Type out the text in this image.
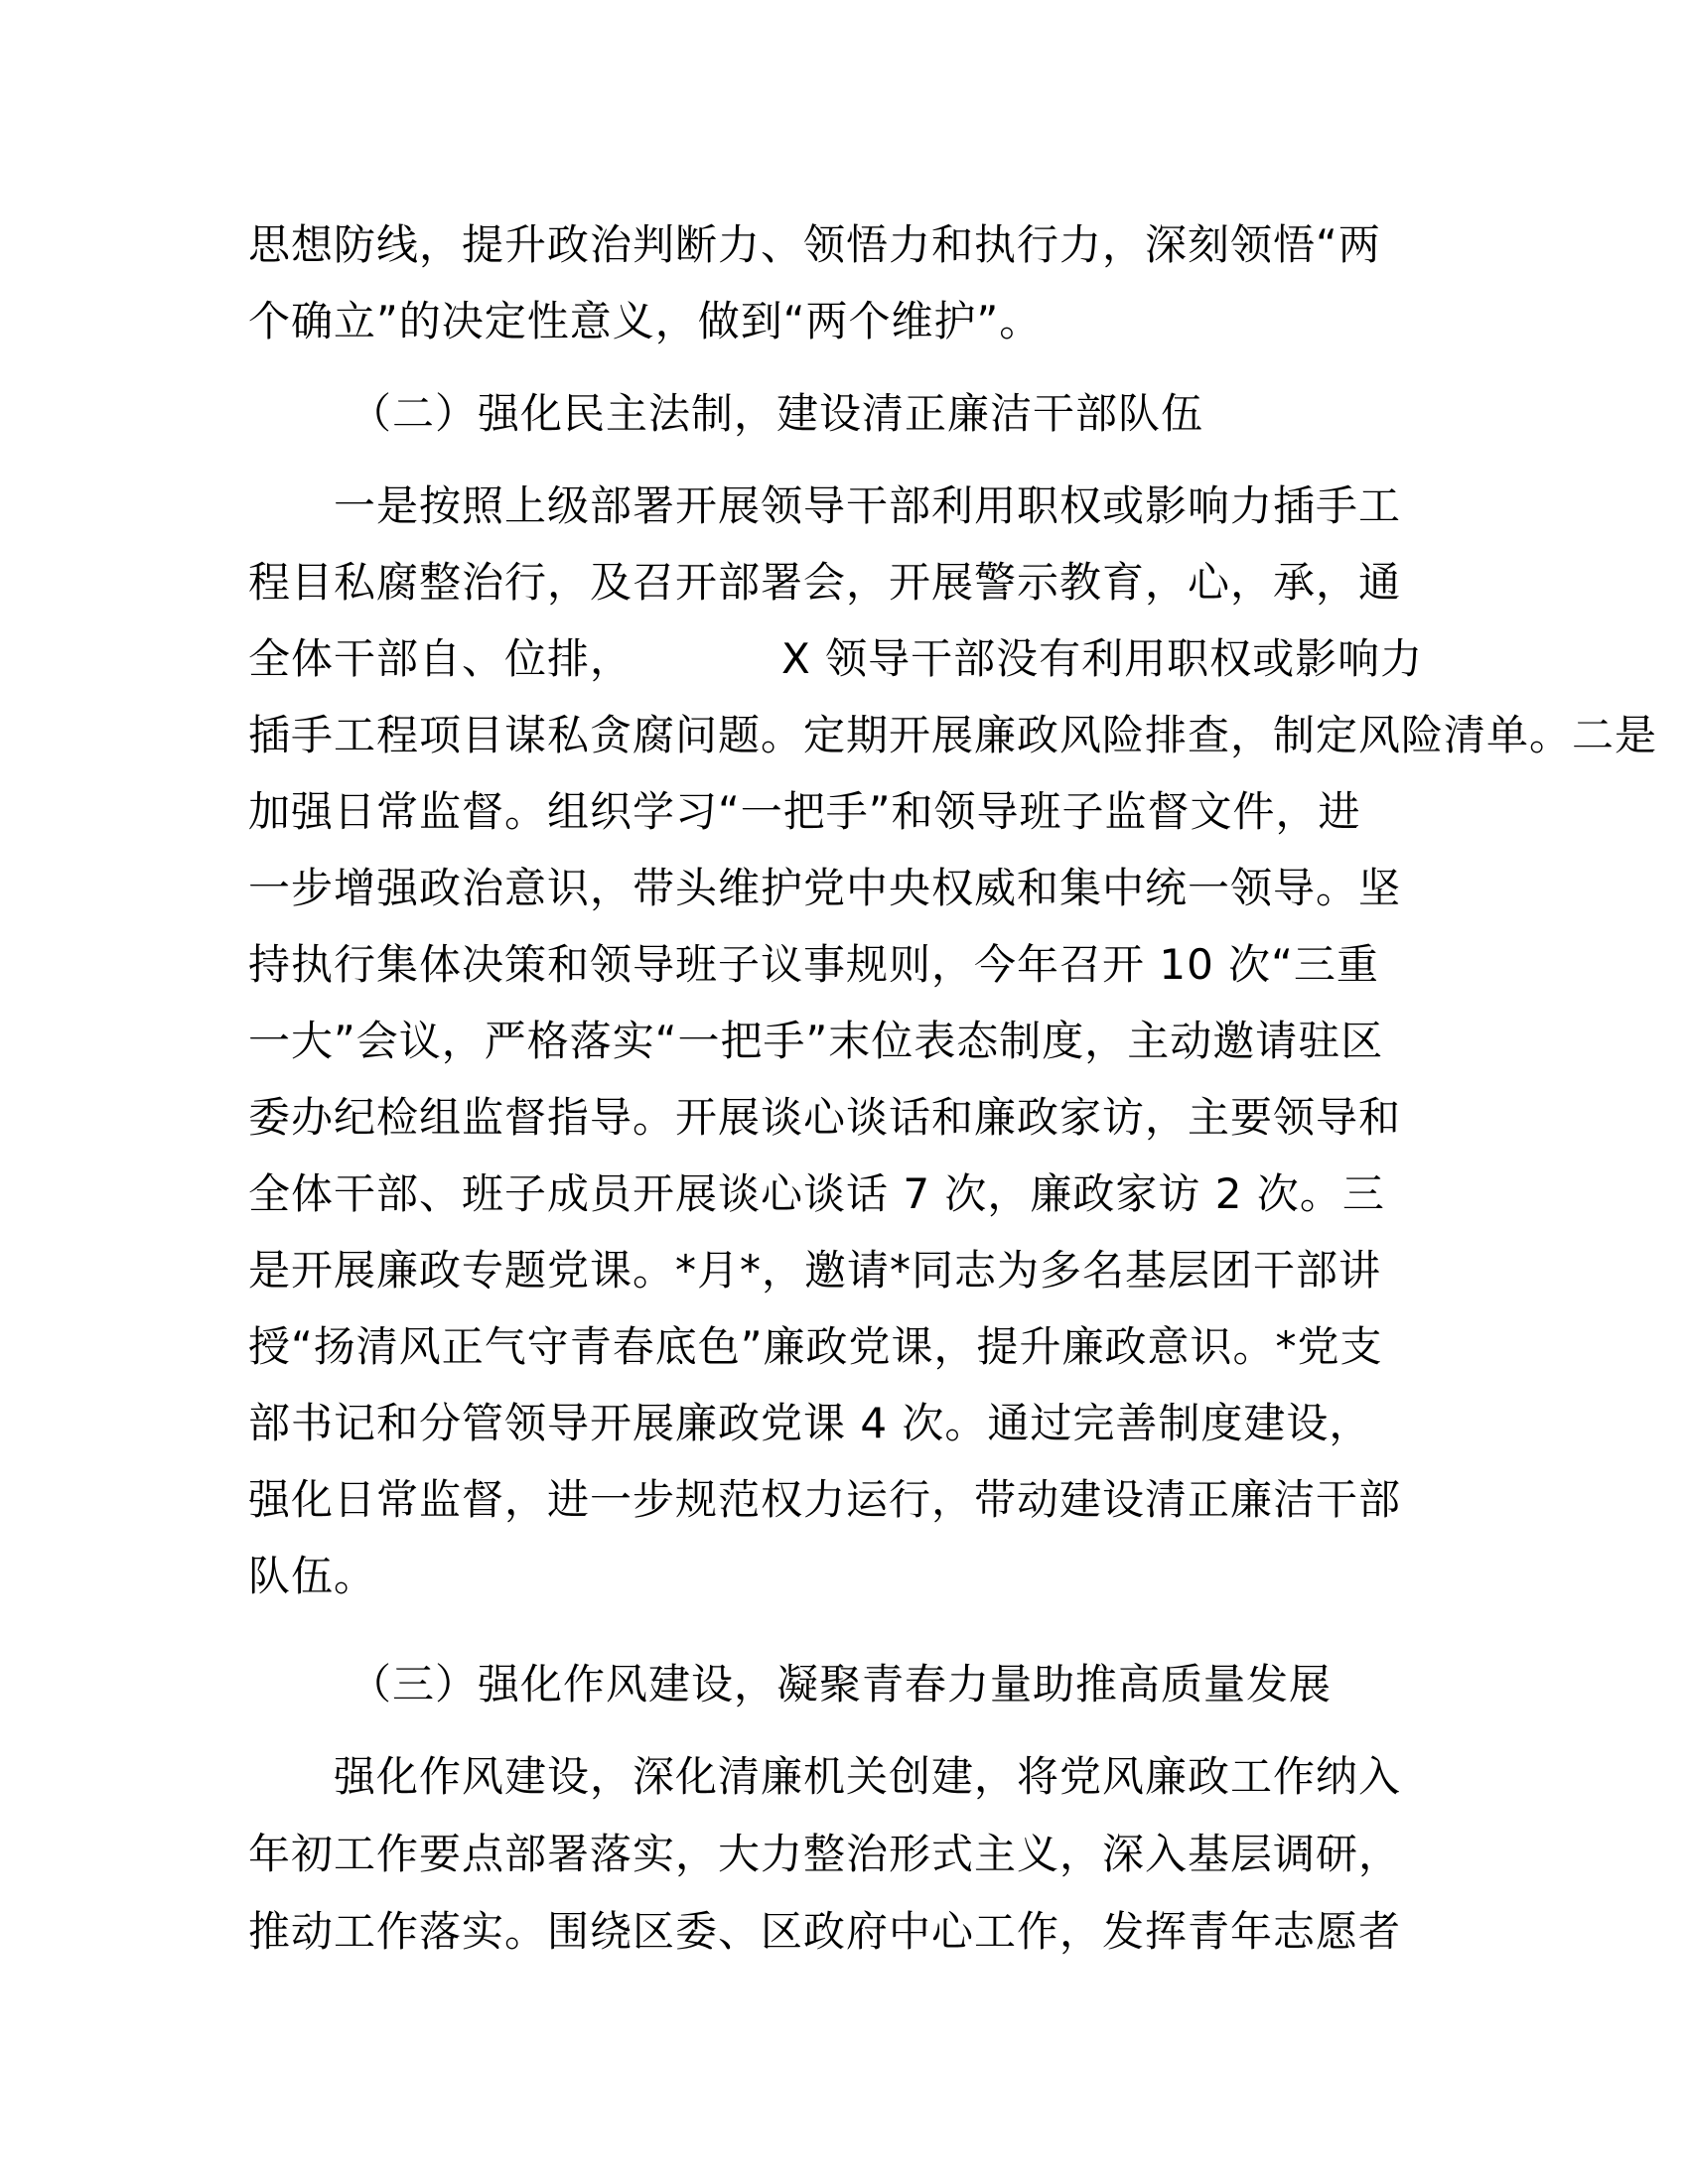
思想防线，提升政治判断力、领悟力和执行力，深刻领悟“两
个确立”的决定性意义，做到“两个维护”。
（二）强化民主法制，建设清正廉洁干部队伍
一是按照上级部署开展领导干部利用职权或影响力插手工
程目私腐整治行，及召开部署会，开展警示教育，心，承，通
全体干部自、位排，	X 领导干部没有利用职权或影响力
插手工程项目谋私贪腐问题。定期开展廉政风险排查，制定风险清单。二是
加强日常监督。组织学习“一把手”和领导班子监督文件，进
一步增强政治意识，带头维护党中央权威和集中统一领导。坚
持执行集体决策和领导班子议事规则，今年召开 10 次“三重
一大”会议，严格落实“一把手”末位表态制度，主动邀请驻区
委办纪检组监督指导。开展谈心谈话和廉政家访，主要领导和
全体干部、班子成员开展谈心谈话 7 次，廉政家访 2 次。三
是开展廉政专题党课。*月*，邀请*同志为多名基层团干部讲
授“扬清风正气守青春底色”廉政党课，提升廉政意识。*党支
部书记和分管领导开展廉政党课 4 次。通过完善制度建设，
强化日常监督，进一步规范权力运行，带动建设清正廉洁干部
队伍。
（三）强化作风建设，凝聚青春力量助推高质量发展
强化作风建设，深化清廉机关创建，将党风廉政工作纳入
年初工作要点部署落实，大力整治形式主义，深入基层调研，
推动工作落实。围绕区委、区政府中心工作，发挥青年志愿者
